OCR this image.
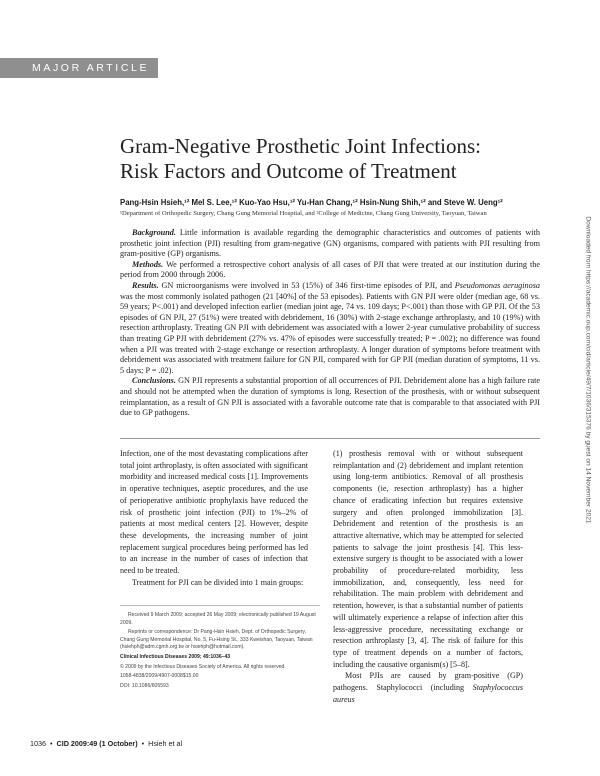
MAJOR ARTICLE
Gram-Negative Prosthetic Joint Infections:
Risk Factors and Outcome of Treatment
Pang-Hsin Hsieh,¹² Mel S. Lee,¹² Kuo-Yao Hsu,¹² Yu-Han Chang,¹² Hsin-Nung Shih,¹² and Steve W. Ueng¹²
¹Department of Orthopedic Surgery, Chang Gung Memorial Hospital, and ²College of Medicine, Chang Gung University, Taoyuan, Taiwan

Background. Little information is available regarding the demographic characteristics and outcomes of patients with prosthetic joint infection (PJI) resulting from gram-negative (GN) organisms, compared with patients with PJI resulting from gram-positive (GP) organisms.

Methods. We performed a retrospective cohort analysis of all cases of PJI that were treated at our institution during the period from 2000 through 2006.

Results. GN microorganisms were involved in 53 (15%) of 346 first-time episodes of PJI, and Pseudomonas aeruginosa was the most commonly isolated pathogen (21 [40%] of the 53 episodes). Patients with GN PJI were older (median age, 68 vs. 59 years; P<.001) and developed infection earlier (median joint age, 74 vs. 109 days; P<.001) than those with GP PJI. Of the 53 episodes of GN PJI, 27 (51%) were treated with debridement, 16 (30%) with 2-stage exchange arthroplasty, and 10 (19%) with resection arthroplasty. Treating GN PJI with debridement was associated with a lower 2-year cumulative probability of success than treating GP PJI with debridement (27% vs. 47% of episodes were successfully treated; P = .002); no difference was found when a PJI was treated with 2-stage exchange or resection arthroplasty. A longer duration of symptoms before treatment with debridement was associated with treatment failure for GN PJI, compared with for GP PJI (median duration of symptoms, 11 vs. 5 days; P = .02).

Conclusions. GN PJI represents a substantial proportion of all occurrences of PJI. Debridement alone has a high failure rate and should not be attempted when the duration of symptoms is long. Resection of the prosthesis, with or without subsequent reimplantation, as a result of GN PJI is associated with a favorable outcome rate that is comparable to that associated with PJI due to GP pathogens.

Infection, one of the most devastating complications after total joint arthroplasty, is often associated with significant morbidity and increased medical costs [1]. Improvements in operative techniques, aseptic procedures, and the use of perioperative antibiotic prophylaxis have reduced the risk of prosthetic joint infection (PJI) to 1%–2% of patients at most medical centers [2]. However, despite these developments, the increasing number of joint replacement surgical procedures being performed has led to an increase in the number of cases of infection that need to be treated.

Treatment for PJI can be divided into 1 main groups:

Received 9 March 2009; accepted 26 May 2009; electronically published 19 August 2009.

Reprints or correspondence: Dr Pang-Hsin Hsieh, Dept. of Orthopedic Surgery, Chang Gung Memorial Hospital, No. 5, Fu-Hsing St., 333 Kweishan, Taoyuan, Taiwan (hsiehph@adm.cgmh.org.tw or hsiehph@hotmail.com).

Clinical Infectious Diseases 2009; 49:1036–43

© 2009 by the Infectious Diseases Society of America. All rights reserved.

1058-4838/2009/4907-0008$15.00

DOI: 10.1086/605593

(1) prosthesis removal with or without subsequent reimplantation and (2) debridement and implant retention using long-term antibiotics. Removal of all prosthesis components (ie, resection arthroplasty) has a higher chance of eradicating infection but requires extensive surgery and often prolonged immobilization [3]. Debridement and retention of the prosthesis is an attractive alternative, which may be attempted for selected patients to salvage the joint prosthesis [4]. This less-extensive surgery is thought to be associated with a lower probability of procedure-related morbidity, less immobilization, and, consequently, less need for rehabilitation. The main problem with debridement and retention, however, is that a substantial number of patients will ultimately experience a relapse of infection after this less-aggressive procedure, necessitating exchange or resection arthroplasty [3, 4]. The risk of failure for this type of treatment depends on a number of factors, including the causative organism(s) [5–8].

Most PJIs are caused by gram-positive (GP) pathogens. Staphylococci (including Staphylococcus aureus

1036  •  CID 2009:49 (1 October)  •  Hsieh et al
Downloaded from https://academic.oup.com/cid/article/49/7/1036/315376 by guest on 14 November 2021
